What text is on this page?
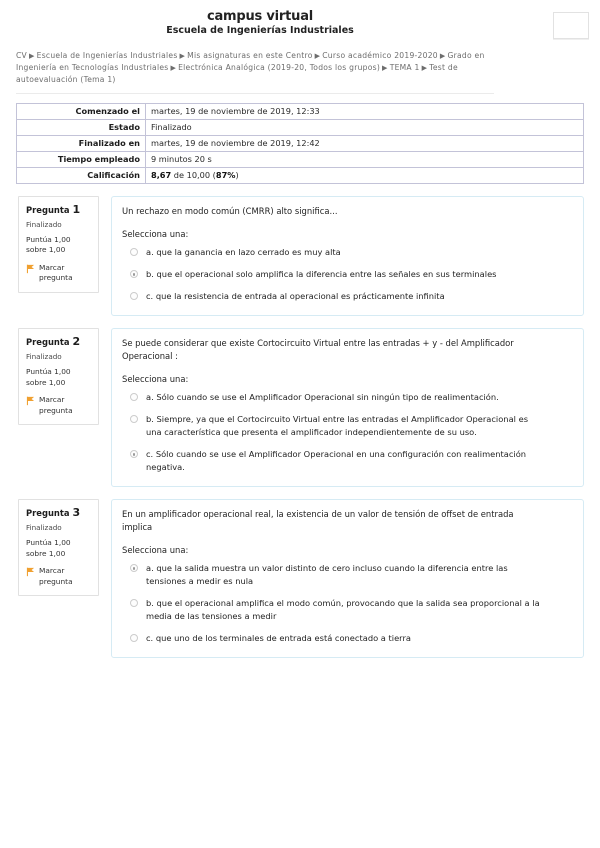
campus virtual
Escuela de Ingenierías Industriales
CV▶Escuela de Ingenierías Industriales▶Mis asignaturas en este Centro▶Curso académico 2019-2020▶Grado en Ingeniería en Tecnologías Industriales▶Electrónica Analógica (2019-20, Todos los grupos)▶TEMA 1▶Test de autoevaluación (Tema 1)
Comenzado el	martes, 19 de noviembre de 2019, 12:33
Estado	Finalizado
Finalizado en	martes, 19 de noviembre de 2019, 12:42
Tiempo empleado	9 minutos 20 s
Calificación	8,67 de 10,00 (87%)
Pregunta 1
Finalizado
Puntúa 1,00 sobre 1,00
Marcar pregunta
Un rechazo en modo común (CMRR) alto significa...
Selecciona una:
a. que la ganancia en lazo cerrado es muy alta
b. que el operacional solo amplifica la diferencia entre las señales en sus terminales
c. que la resistencia de entrada al operacional es prácticamente infinita
Pregunta 2
Finalizado
Puntúa 1,00 sobre 1,00
Marcar pregunta
Se puede considerar que existe Cortocircuito Virtual entre las entradas + y - del Amplificador Operacional :
Selecciona una:
a. Sólo cuando se use el Amplificador Operacional sin ningún tipo de realimentación.
b. Siempre, ya que el Cortocircuito Virtual entre las entradas el Amplificador Operacional es una característica que presenta el amplificador independientemente de su uso.
c. Sólo cuando se use el Amplificador Operacional en una configuración con realimentación negativa.
Pregunta 3
Finalizado
Puntúa 1,00 sobre 1,00
Marcar pregunta
En un amplificador operacional real, la existencia de un valor de tensión de offset de entrada implica
Selecciona una:
a. que la salida muestra un valor distinto de cero incluso cuando la diferencia entre las tensiones a medir es nula
b. que el operacional amplifica el modo común, provocando que la salida sea proporcional a la media de las tensiones a medir
c. que uno de los terminales de entrada está conectado a tierra
